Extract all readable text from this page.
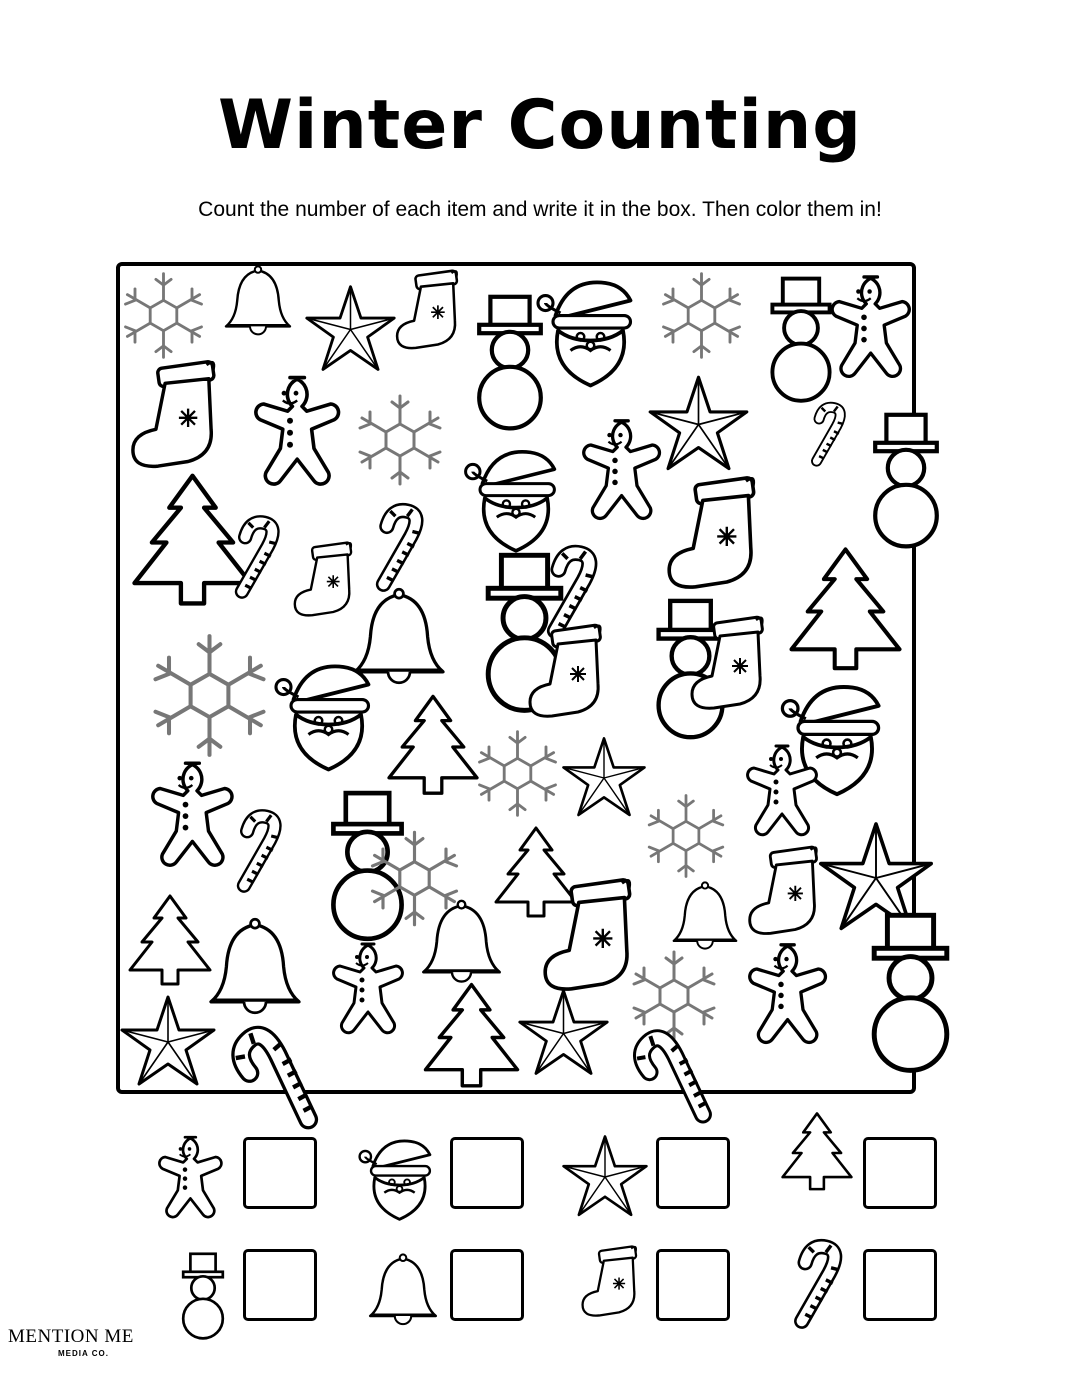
Winter Counting

Count the number of each item and write it in the box. Then color them in!

MENTION ME
MEDIA CO.
